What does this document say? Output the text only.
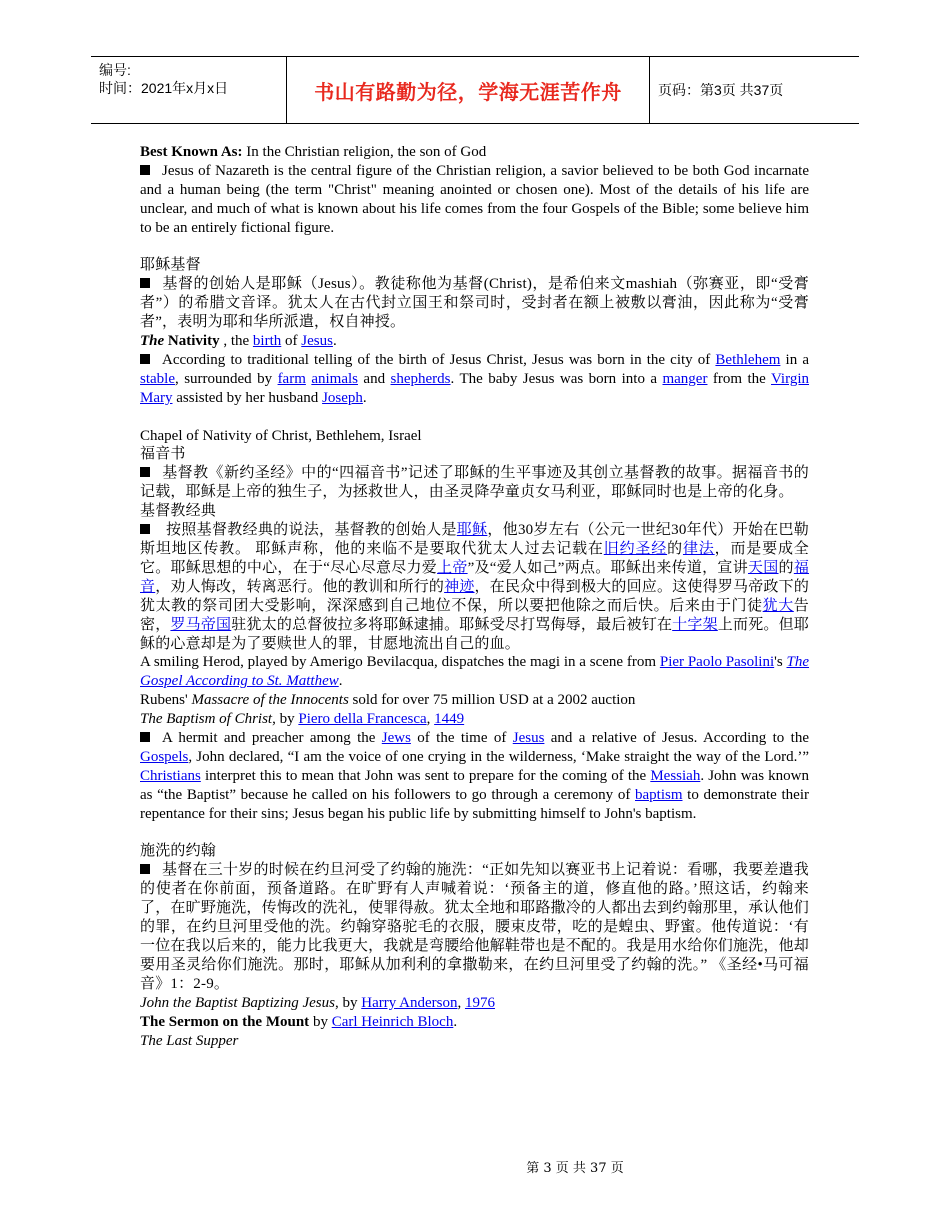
编号:
时间：2021年x月x日	书山有路勤为径，学海无涯苦作舟	页码：第3页 共37页

Best Known As: In the Christian religion, the son of God

Jesus of Nazareth is the central figure of the Christian religion, a savior believed to be both God incarnate and a human being (the term "Christ" meaning anointed or chosen one). Most of the details of his life are unclear, and much of what is known about his life comes from the four Gospels of the Bible; some believe him to be an entirely fictional figure.

耶稣基督

基督的创始人是耶稣（Jesus）。教徒称他为基督(Christ)，是希伯来文mashiah（弥赛亚，即“受膏者”）的希腊文音译。犹太人在古代封立国王和祭司时，受封者在额上被敷以膏油，因此称为“受膏者”，表明为耶和华所派遣，权自神授。

The Nativity , the birth of Jesus.

According to traditional telling of the birth of Jesus Christ, Jesus was born in the city of Bethlehem in a stable, surrounded by farm animals and shepherds. The baby Jesus was born into a manger from the Virgin Mary assisted by her husband Joseph.

Chapel of Nativity of Christ, Bethlehem, Israel

福音书

基督教《新约圣经》中的“四福音书”记述了耶稣的生平事迹及其创立基督教的故事。据福音书的记载，耶稣是上帝的独生子，为拯救世人，由圣灵降孕童贞女马利亚，耶稣同时也是上帝的化身。

基督教经典

按照基督教经典的说法，基督教的创始人是耶稣，他30岁左右（公元一世纪30年代）开始在巴勒斯坦地区传教。 耶稣声称，他的来临不是要取代犹太人过去记载在旧约圣经的律法，而是要成全它。耶稣思想的中心，在于“尽心尽意尽力爱上帝”及“爱人如己”两点。耶稣出来传道，宣讲天国的福音，劝人悔改，转离恶行。他的教训和所行的神迹，在民众中得到极大的回应。这使得罗马帝政下的犹太教的祭司团大受影响，深深感到自己地位不保，所以要把他除之而后快。后来由于门徒犹大告密，罗马帝国驻犹太的总督彼拉多将耶稣逮捕。耶稣受尽打骂侮辱，最后被钉在十字架上而死。但耶稣的心意却是为了要赎世人的罪，甘愿地流出自己的血。

A smiling Herod, played by Amerigo Bevilacqua, dispatches the magi in a scene from Pier Paolo Pasolini's The Gospel According to St. Matthew.

Rubens' Massacre of the Innocents sold for over 75 million USD at a 2002 auction

The Baptism of Christ, by Piero della Francesca, 1449

A hermit and preacher among the Jews of the time of Jesus and a relative of Jesus. According to the Gospels, John declared, “I am the voice of one crying in the wilderness, ‘Make straight the way of the Lord.’” Christians interpret this to mean that John was sent to prepare for the coming of the Messiah. John was known as “the Baptist” because he called on his followers to go through a ceremony of baptism to demonstrate their repentance for their sins; Jesus began his public life by submitting himself to John's baptism.

施洗的约翰

基督在三十岁的时候在约旦河受了约翰的施洗：“正如先知以赛亚书上记着说：看哪，我要差遣我的使者在你前面，预备道路。在旷野有人声喊着说：‘预备主的道，修直他的路。’照这话，约翰来了，在旷野施洗，传悔改的洗礼，使罪得赦。犹太全地和耶路撒冷的人都出去到约翰那里，承认他们的罪，在约旦河里受他的洗。约翰穿骆驼毛的衣服，腰束皮带，吃的是蝗虫、野蜜。他传道说：‘有一位在我以后来的，能力比我更大，我就是弯腰给他解鞋带也是不配的。我是用水给你们施洗，他却要用圣灵给你们施洗。那时，耶稣从加利利的拿撒勒来，在约旦河里受了约翰的洗。” 《圣经•马可福音》1：2-9。

John the Baptist Baptizing Jesus, by Harry Anderson, 1976

The Sermon on the Mount by Carl Heinrich Bloch.

The Last Supper

第 3 页 共 37 页
